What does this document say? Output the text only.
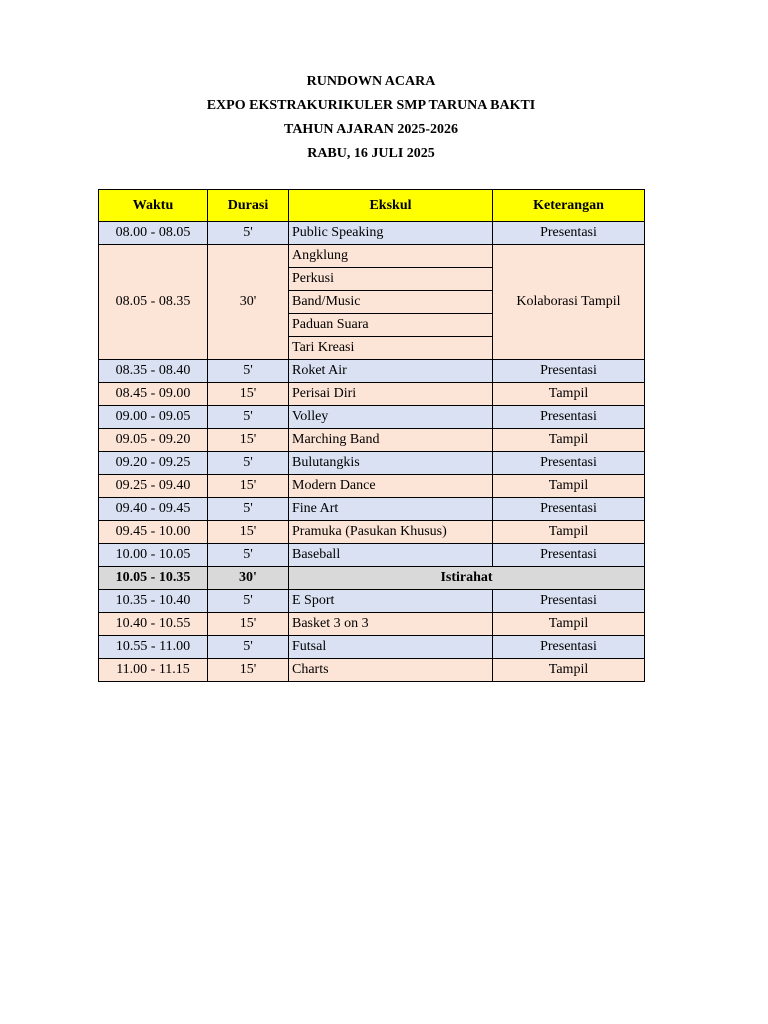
RUNDOWN ACARA
EXPO EKSTRAKURIKULER SMP TARUNA BAKTI
TAHUN AJARAN 2025-2026
RABU, 16 JULI 2025
Waktu	Durasi	Ekskul	Keterangan
08.00 - 08.05	5'	Public Speaking	Presentasi
08.05 - 08.35	30'	Angklung	Kolaborasi Tampil
		Perkusi	
		Band/Music	
		Paduan Suara	
		Tari Kreasi	
08.35 - 08.40	5'	Roket Air	Presentasi
08.45 - 09.00	15'	Perisai Diri	Tampil
09.00 - 09.05	5'	Volley	Presentasi
09.05 - 09.20	15'	Marching Band	Tampil
09.20 - 09.25	5'	Bulutangkis	Presentasi
09.25 - 09.40	15'	Modern Dance	Tampil
09.40 - 09.45	5'	Fine Art	Presentasi
09.45 - 10.00	15'	Pramuka (Pasukan Khusus)	Tampil
10.00 - 10.05	5'	Baseball	Presentasi
10.05 - 10.35	30'	Istirahat	
10.35 - 10.40	5'	E Sport	Presentasi
10.40 - 10.55	15'	Basket 3 on 3	Tampil
10.55 - 11.00	5'	Futsal	Presentasi
11.00 - 11.15	15'	Charts	Tampil
